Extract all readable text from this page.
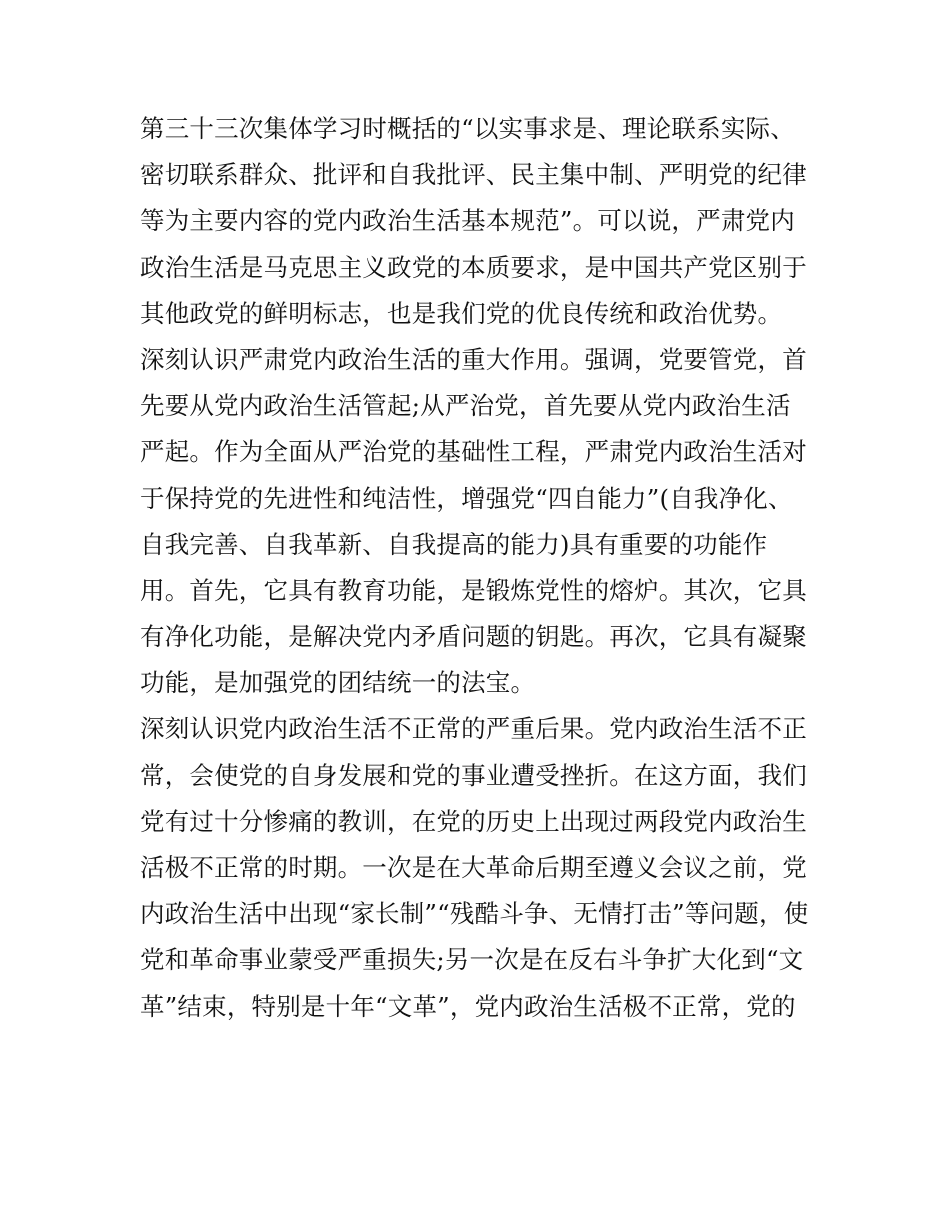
第三十三次集体学习时概括的“以实事求是、理论联系实际、
密切联系群众、批评和自我批评、民主集中制、严明党的纪律
等为主要内容的党内政治生活基本规范”。可以说，严肃党内
政治生活是马克思主义政党的本质要求，是中国共产党区别于
其他政党的鲜明标志，也是我们党的优良传统和政治优势。
深刻认识严肃党内政治生活的重大作用。强调，党要管党，首
先要从党内政治生活管起;从严治党，首先要从党内政治生活
严起。作为全面从严治党的基础性工程，严肃党内政治生活对
于保持党的先进性和纯洁性，增强党“四自能力”(自我净化、
自我完善、自我革新、自我提高的能力)具有重要的功能作
用。首先，它具有教育功能，是锻炼党性的熔炉。其次，它具
有净化功能，是解决党内矛盾问题的钥匙。再次，它具有凝聚
功能，是加强党的团结统一的法宝。
深刻认识党内政治生活不正常的严重后果。党内政治生活不正
常，会使党的自身发展和党的事业遭受挫折。在这方面，我们
党有过十分惨痛的教训，在党的历史上出现过两段党内政治生
活极不正常的时期。一次是在大革命后期至遵义会议之前，党
内政治生活中出现“家长制”“残酷斗争、无情打击”等问题，使
党和革命事业蒙受严重损失;另一次是在反右斗争扩大化到“文
革”结束，特别是十年“文革”，党内政治生活极不正常，党的
